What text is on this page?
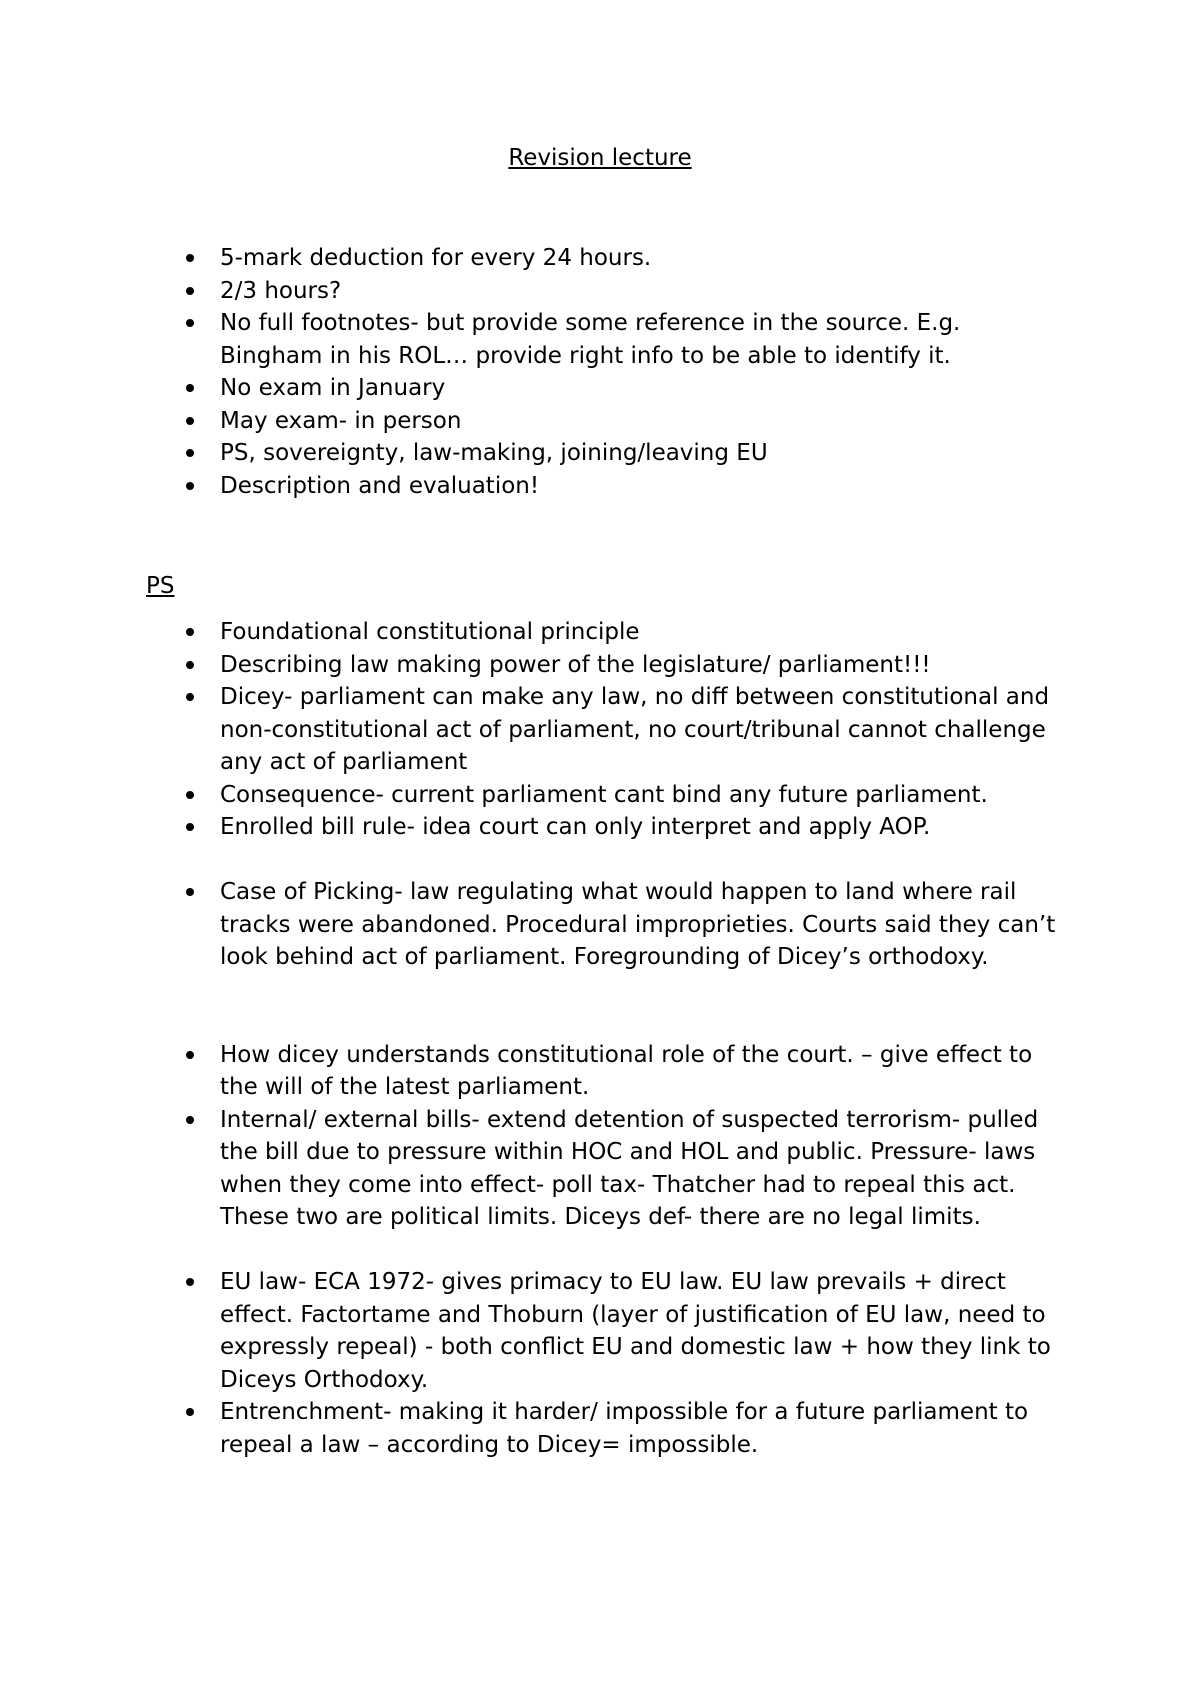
Revision lecture
5-mark deduction for every 24 hours.
2/3 hours?
No full footnotes- but provide some reference in the source. E.g. Bingham in his ROL… provide right info to be able to identify it.
No exam in January
May exam- in person
PS, sovereignty, law-making, joining/leaving EU
Description and evaluation!
PS
Foundational constitutional principle
Describing law making power of the legislature/ parliament!!!
Dicey- parliament can make any law, no diff between constitutional and non-constitutional act of parliament, no court/tribunal cannot challenge any act of parliament
Consequence- current parliament cant bind any future parliament.
Enrolled bill rule- idea court can only interpret and apply AOP.
Case of Picking- law regulating what would happen to land where rail tracks were abandoned. Procedural improprieties. Courts said they can’t look behind act of parliament. Foregrounding of Dicey’s orthodoxy.
How dicey understands constitutional role of the court. – give effect to the will of the latest parliament.
Internal/ external bills- extend detention of suspected terrorism- pulled the bill due to pressure within HOC and HOL and public. Pressure- laws when they come into effect- poll tax- Thatcher had to repeal this act. These two are political limits. Diceys def- there are no legal limits.
EU law- ECA 1972- gives primacy to EU law. EU law prevails + direct effect. Factortame and Thoburn (layer of justification of EU law, need to expressly repeal) - both conflict EU and domestic law + how they link to Diceys Orthodoxy.
Entrenchment- making it harder/ impossible for a future parliament to repeal a law – according to Dicey= impossible.
